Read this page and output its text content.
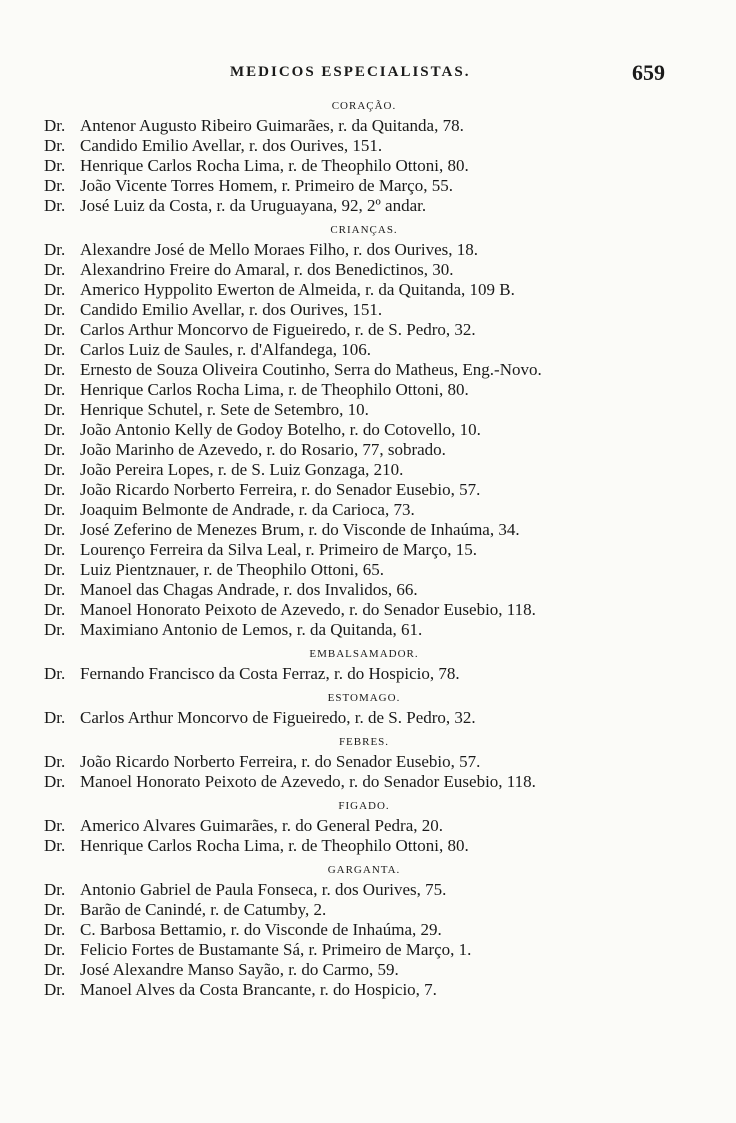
MEDICOS ESPECIALISTAS.	659
CORAÇÃO.
Dr. Antenor Augusto Ribeiro Guimarães, r. da Quitanda, 78.
Dr. Candido Emilio Avellar, r. dos Ourives, 151.
Dr. Henrique Carlos Rocha Lima, r. de Theophilo Ottoni, 80.
Dr. João Vicente Torres Homem, r. Primeiro de Março, 55.
Dr. José Luiz da Costa, r. da Uruguayana, 92, 2º andar.
CRIANÇAS.
Dr. Alexandre José de Mello Moraes Filho, r. dos Ourives, 18.
Dr. Alexandrino Freire do Amaral, r. dos Benedictinos, 30.
Dr. Americo Hyppolito Ewerton de Almeida, r. da Quitanda, 109 B.
Dr. Candido Emilio Avellar, r. dos Ourives, 151.
Dr. Carlos Arthur Moncorvo de Figueiredo, r. de S. Pedro, 32.
Dr. Carlos Luiz de Saules, r. d'Alfandega, 106.
Dr. Ernesto de Souza Oliveira Coutinho, Serra do Matheus, Eng.-Novo.
Dr. Henrique Carlos Rocha Lima, r. de Theophilo Ottoni, 80.
Dr. Henrique Schutel, r. Sete de Setembro, 10.
Dr. João Antonio Kelly de Godoy Botelho, r. do Cotovello, 10.
Dr. João Marinho de Azevedo, r. do Rosario, 77, sobrado.
Dr. João Pereira Lopes, r. de S. Luiz Gonzaga, 210.
Dr. João Ricardo Norberto Ferreira, r. do Senador Eusebio, 57.
Dr. Joaquim Belmonte de Andrade, r. da Carioca, 73.
Dr. José Zeferino de Menezes Brum, r. do Visconde de Inhaúma, 34.
Dr. Lourenço Ferreira da Silva Leal, r. Primeiro de Março, 15.
Dr. Luiz Pientznauer, r. de Theophilo Ottoni, 65.
Dr. Manoel das Chagas Andrade, r. dos Invalidos, 66.
Dr. Manoel Honorato Peixoto de Azevedo, r. do Senador Eusebio, 118.
Dr. Maximiano Antonio de Lemos, r. da Quitanda, 61.
EMBALSAMADOR.
Dr. Fernando Francisco da Costa Ferraz, r. do Hospicio, 78.
ESTOMAGO.
Dr. Carlos Arthur Moncorvo de Figueiredo, r. de S. Pedro, 32.
FEBRES.
Dr. João Ricardo Norberto Ferreira, r. do Senador Eusebio, 57.
Dr. Manoel Honorato Peixoto de Azevedo, r. do Senador Eusebio, 118.
FIGADO.
Dr. Americo Alvares Guimarães, r. do General Pedra, 20.
Dr. Henrique Carlos Rocha Lima, r. de Theophilo Ottoni, 80.
GARGANTA.
Dr. Antonio Gabriel de Paula Fonseca, r. dos Ourives, 75.
Dr. Barão de Canindé, r. de Catumby, 2.
Dr. C. Barbosa Bettamio, r. do Visconde de Inhaúma, 29.
Dr. Felicio Fortes de Bustamante Sá, r. Primeiro de Março, 1.
Dr. José Alexandre Manso Sayão, r. do Carmo, 59.
Dr. Manoel Alves da Costa Brancante, r. do Hospicio, 7.
